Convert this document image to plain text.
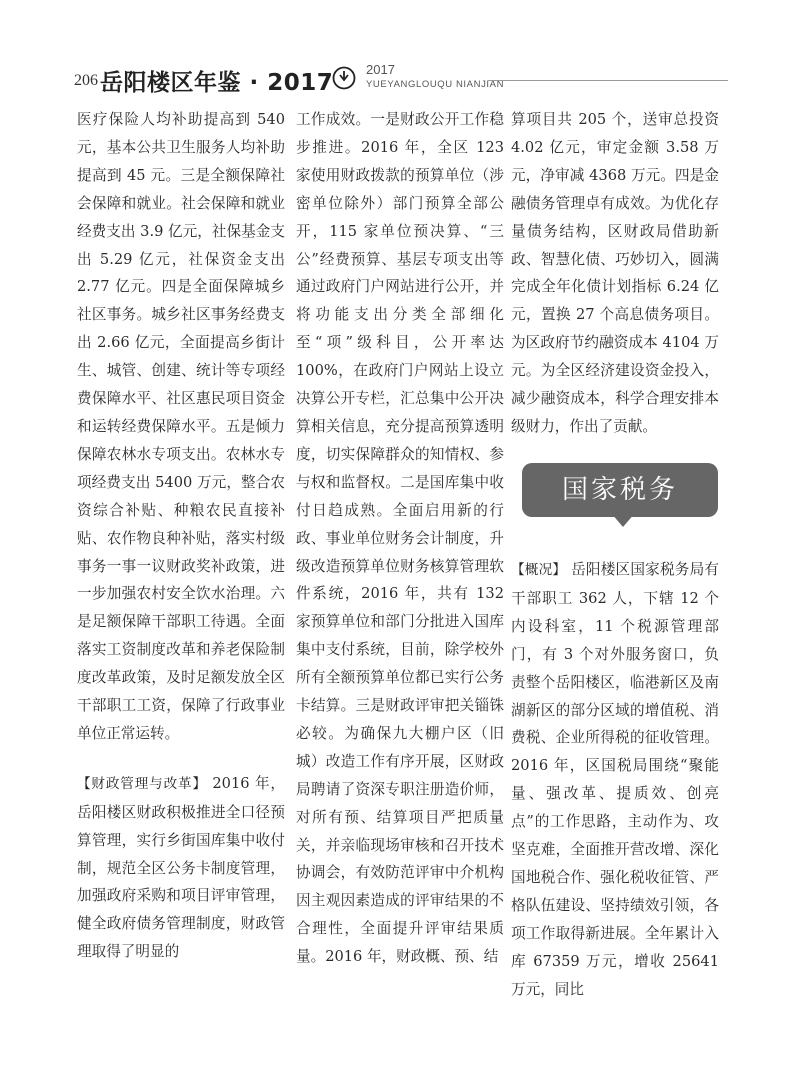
206 岳阳楼区年鉴 · 2017
2017
YUEYANGLOUQU NIANJIAN

医疗保险人均补助提高到 540 元，基本公共卫生服务人均补助提高到 45 元。三是全额保障社会保障和就业。社会保障和就业经费支出 3.9 亿元，社保基金支出 5.29 亿元，社保资金支出 2.77 亿元。四是全面保障城乡社区事务。城乡社区事务经费支出 2.66 亿元，全面提高乡街计生、城管、创建、统计等专项经费保障水平、社区惠民项目资金和运转经费保障水平。五是倾力保障农林水专项支出。农林水专项经费支出 5400 万元，整合农资综合补贴、种粮农民直接补贴、农作物良种补贴，落实村级事务一事一议财政奖补政策，进一步加强农村安全饮水治理。六是足额保障干部职工待遇。全面落实工资制度改革和养老保险制度改革政策，及时足额发放全区干部职工工资，保障了行政事业单位正常运转。

【财政管理与改革】 2016 年，岳阳楼区财政积极推进全口径预算管理，实行乡街国库集中收付制，规范全区公务卡制度管理，加强政府采购和项目评审管理，健全政府债务管理制度，财政管理取得了明显的

工作成效。一是财政公开工作稳步推进。2016 年，全区 123 家使用财政拨款的预算单位（涉密单位除外）部门预算全部公开，115 家单位预决算、“三公”经费预算、基层专项支出等通过政府门户网站进行公开，并将功能支出分类全部细化至“项”级科目，公开率达 100%，在政府门户网站上设立决算公开专栏，汇总集中公开决算相关信息，充分提高预算透明度，切实保障群众的知情权、参与权和监督权。二是国库集中收付日趋成熟。全面启用新的行政、事业单位财务会计制度，升级改造预算单位财务核算管理软件系统，2016 年，共有 132 家预算单位和部门分批进入国库集中支付系统，目前，除学校外所有全额预算单位都已实行公务卡结算。三是财政评审把关锱铢必较。为确保九大棚户区（旧城）改造工作有序开展，区财政局聘请了资深专职注册造价师，对所有预、结算项目严把质量关，并亲临现场审核和召开技术协调会，有效防范评审中介机构因主观因素造成的评审结果的不合理性，全面提升评审结果质量。2016 年，财政概、预、结

算项目共 205 个，送审总投资 4.02 亿元，审定金额 3.58 万元，净审减 4368 万元。四是金融债务管理卓有成效。为优化存量债务结构，区财政局借助新政、智慧化债、巧妙切入，圆满完成全年化债计划指标 6.24 亿元，置换 27 个高息债务项目。为区政府节约融资成本 4104 万元。为全区经济建设资金投入，减少融资成本，科学合理安排本级财力，作出了贡献。

国家税务

【概况】 岳阳楼区国家税务局有干部职工 362 人，下辖 12 个内设科室，11 个税源管理部门，有 3 个对外服务窗口，负责整个岳阳楼区，临港新区及南湖新区的部分区域的增值税、消费税、企业所得税的征收管理。2016 年，区国税局围绕“聚能量、强改革、提质效、创亮点”的工作思路，主动作为、攻坚克难，全面推开营改增、深化国地税合作、强化税收征管、严格队伍建设、坚持绩效引领，各项工作取得新进展。全年累计入库 67359 万元，增收 25641 万元，同比
